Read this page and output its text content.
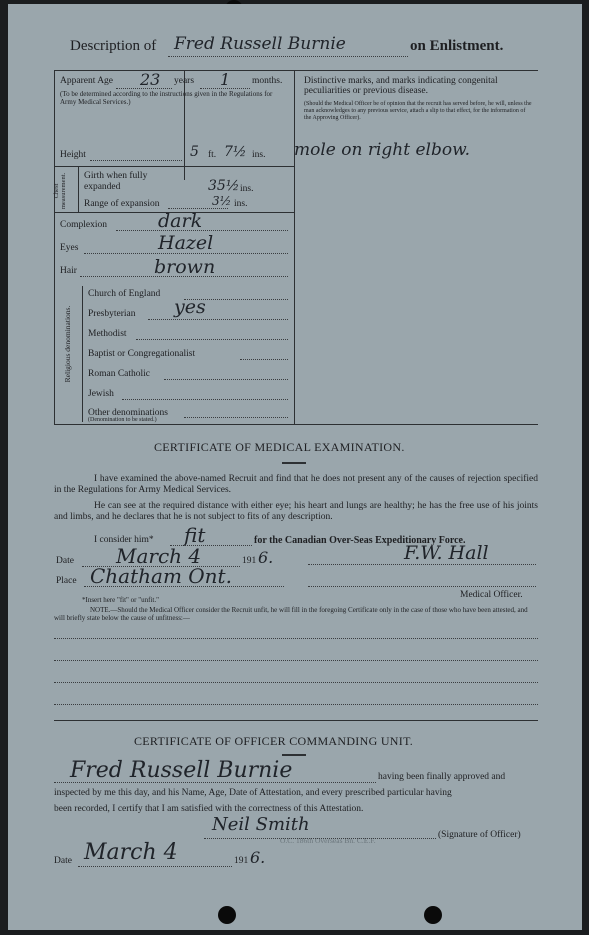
Description of Fred Russell Burnie	on Enlistment.
Apparent Age 23 years 1 months.
(To be determined according to the instructions given in the Regulations for Army Medical Services.)
Distinctive marks, and marks indicating congenital peculiarities or previous disease.
(Should the Medical Officer be of opinion that the recruit has served before, he will, unless the man acknowledges to any previous service, attach a slip to that effect, for the information of the Approving Officer).
mole on right elbow.
Height	5 ft. 7½ ins.
Chest measurement. Girth when fully expanded	35½ ins.
Range of expansion	3½ ins.
Complexion	dark
Eyes	Hazel
Hair	brown
Religious denominations.
Church of England
Presbyterian yes
Methodist
Baptist or Congregationalist
Roman Catholic
Jewish
Other denominations
(Denomination to be stated.)
CERTIFICATE OF MEDICAL EXAMINATION.
I have examined the above-named Recruit and find that he does not present any of the causes of rejection specified in the Regulations for Army Medical Services.
He can see at the required distance with either eye; his heart and lungs are healthy; he has the free use of his joints and limbs, and he declares that he is not subject to fits of any description.
I consider him* fit	for the Canadian Over-Seas Expeditionary Force.
Date March 4	191 6.	F.W. Hall
Place Chatham Ont.
Medical Officer.
*Insert here "fit" or "unfit."
NOTE.—Should the Medical Officer consider the Recruit unfit, he will fill in the foregoing Certificate only in the case of those who have been attested, and will briefly state below the cause of unfitness:—
CERTIFICATE OF OFFICER COMMANDING UNIT.
Fred Russell Burnie	having been finally approved and
inspected by me this day, and his Name, Age, Date of Attestation, and every prescribed particular having
been recorded, I certify that I am satisfied with the correctness of this Attestation.
Neil Smith
O.C. 186th Overseas Bn. C.E.F.
(Signature of Officer)
Date March 4	191 6.
